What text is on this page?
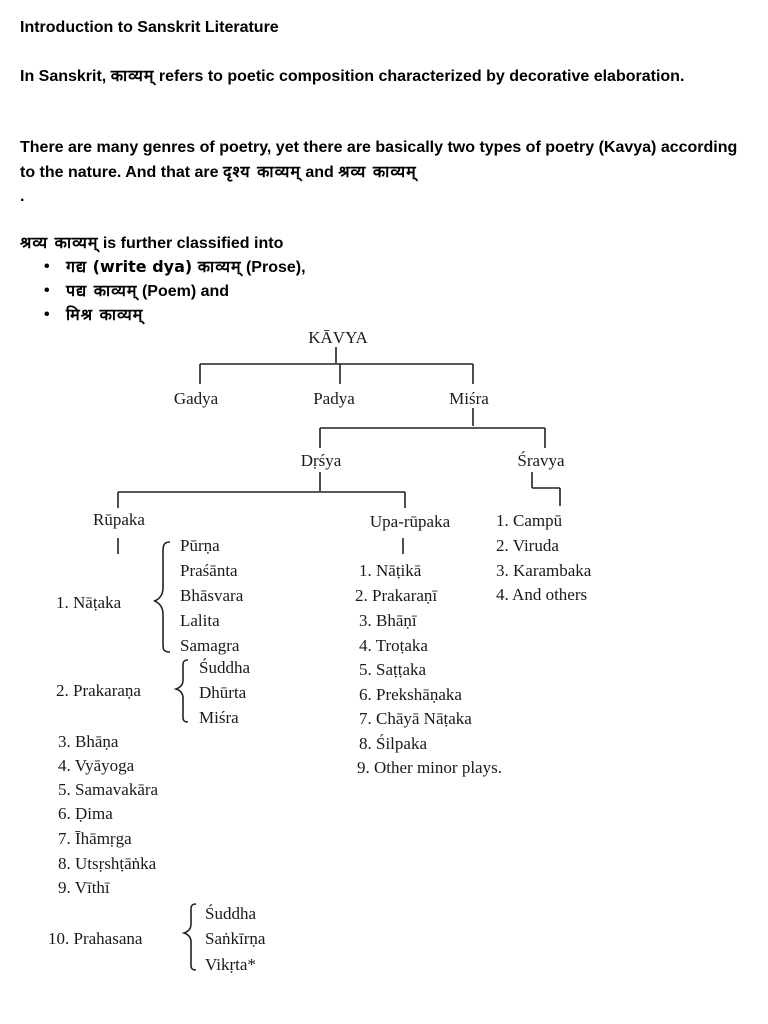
Introduction to Sanskrit Literature
In Sanskrit, काव्यम् refers to poetic composition characterized by decorative elaboration.
There are many genres of poetry, yet there are basically two types of poetry (Kavya) according to the nature. And that are दृश्य काव्यम् and श्रव्य काव्यम्
.
श्रव्य काव्यम् is further classified into
• गद्य (write dya) काव्यम् (Prose),
• पद्य काव्यम् (Poem) and
• मिश्र काव्यम्
KĀVYA
Gadya	Padya	Miśra
Dṛśya	Śravya
Rūpaka	Upa-rūpaka	1. Campū
2. Viruda
3. Karambaka
4. And others
1. Nāṭaka
Pūrṇa
Praśānta
Bhāsvara
Lalita
Samagra
2. Prakaraṇa
Śuddha
Dhūrta
Miśra
3. Bhāṇa
4. Vyāyoga
5. Samavakāra
6. Ḍima
7. Īhāmṛga
8. Utsṛshṭāṅka
9. Vīthī
10. Prahasana
Śuddha
Saṅkīrṇa
Vikṛta*
1. Nāṭikā
2. Prakaraṇī
3. Bhāṇī
4. Troṭaka
5. Saṭṭaka
6. Prekshāṇaka
7. Chāyā Nāṭaka
8. Śilpaka
9. Other minor plays.
